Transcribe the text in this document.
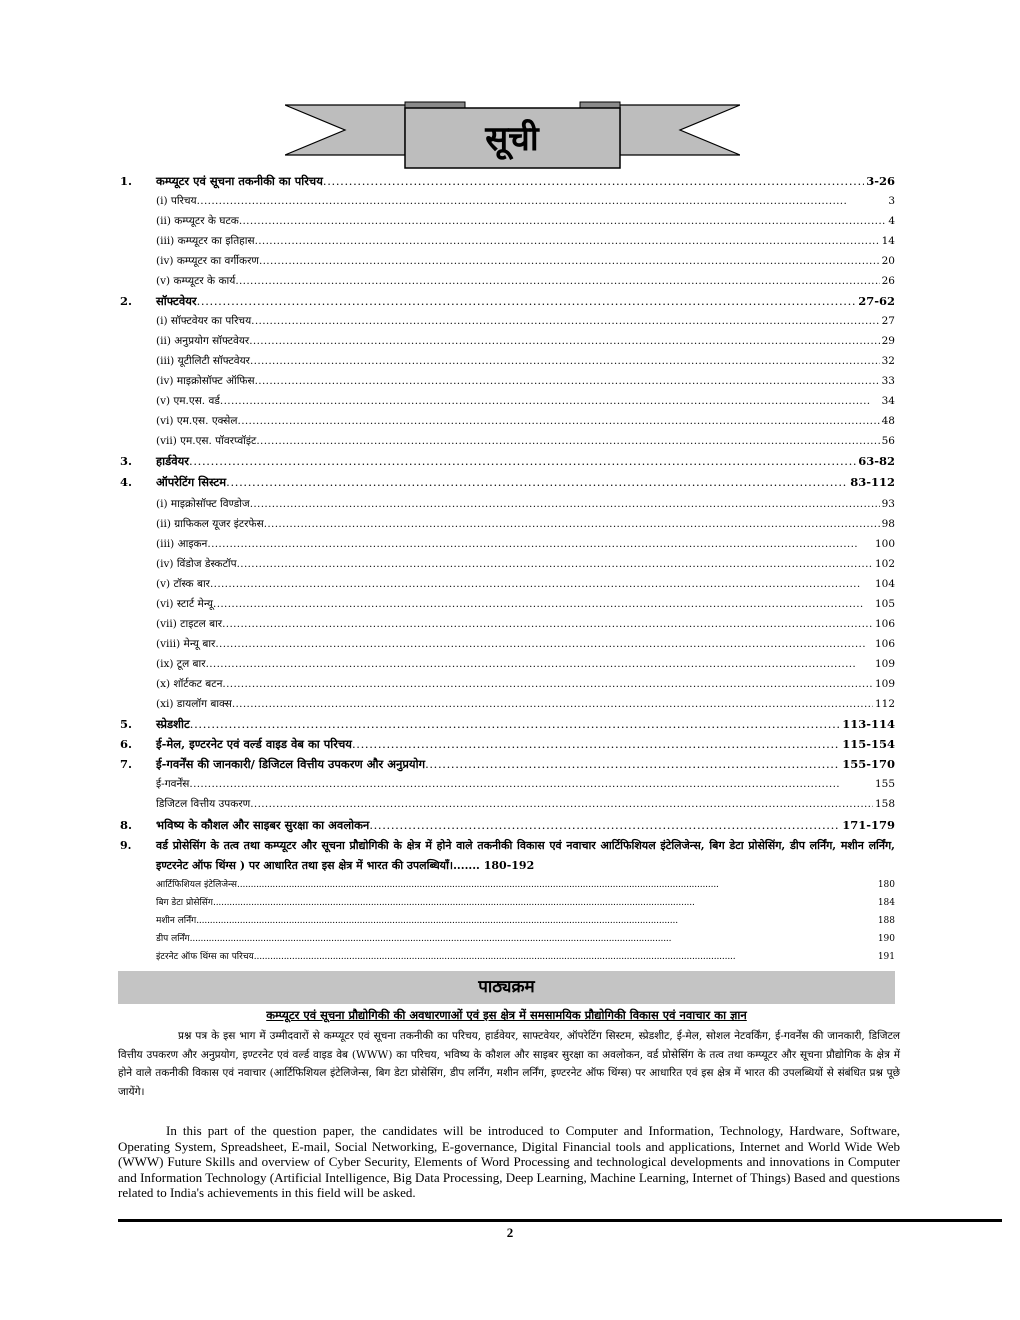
सूची
1.	कम्प्यूटर एवं सूचना तकनीकी का परिचय . . .	3-26
(i) परिचय . . .	3
(ii) कम्प्यूटर के घटक . . .	4
(iii) कम्प्यूटर का इतिहास . . .	14
(iv) कम्प्यूटर का वर्गीकरण . . .	20
(v) कम्प्यूटर के कार्य . . .	26
2.	सॉफ्टवेयर . . .	27-62
(i) सॉफ्टवेयर का परिचय . . .	27
(ii) अनुप्रयोग सॉफ्टवेयर . . .	29
(iii) यूटीलिटी सॉफ्टवेयर . . .	32
(iv) माइक्रोसॉफ्ट ऑफिस . . .	33
(v) एम.एस. वर्ड . . .	34
(vi) एम.एस. एक्सेल . . .	48
(vii) एम.एस. पॉवरप्वॉइंट . . .	56
3.	हार्डवेयर . . .	63-82
4.	ऑपरेटिंग सिस्टम . . .	83-112
(i) माइक्रोसॉफ्ट विण्डोज . . .	93
(ii) ग्राफिकल यूजर इंटरफेस . . .	98
(iii) आइकन . . .	100
(iv) विंडोज डेस्कटॉप . . .	102
(v) टॉस्क बार . . .	104
(vi) स्टार्ट मेन्यू . . .	105
(vii) टाइटल बार . . .	106
(viii) मेन्यू बार . . .	106
(ix) टूल बार . . .	109
(x) शॉर्टकट बटन . . .	109
(xi) डायलॉग बाक्स . . .	112
5.	स्प्रेडशीट . . .	113-114
6.	ई-मेल, इण्टरनेट एवं वर्ल्ड वाइड वेब का परिचय . . .	115-154
7.	ई-गवर्नेंस की जानकारी/ डिजिटल वित्तीय उपकरण और अनुप्रयोग . . .	155-170
ई-गवर्नेंस . . .	155
डिजिटल वित्तीय उपकरण . . .	158
8.	भविष्य के कौशल और साइबर सुरक्षा का अवलोकन . . .	171-179
9.	वर्ड प्रोसेसिंग के तत्व तथा कम्प्यूटर और सूचना प्रौद्योगिकी के क्षेत्र में होने वाले तकनीकी विकास एवं नवाचार आर्टिफिशियल इंटेलिजेन्स, बिग डेटा प्रोसेसिंग, डीप लर्निंग, मशीन लर्निंग, इण्टरनेट ऑफ थिंग्स ) पर आधारित तथा इस क्षेत्र में भारत की उपलब्धियाँ।....... 180-192
आर्टिफिशियल इंटेलिजेन्स . . .	180
बिग डेटा प्रोसेसिंग . . .	184
मशीन लर्निंग . . .	188
डीप लर्निंग . . .	190
इंटरनेट ऑफ थिंग्स का परिचय . . .	191
पाठ्यक्रम
कम्प्यूटर एवं सूचना प्रौद्योगिकी की अवधारणाओं एवं इस क्षेत्र में समसामयिक प्रौद्योगिकी विकास एवं नवाचार का ज्ञान
प्रश्न पत्र के इस भाग में उम्मीदवारों से कम्प्यूटर एवं सूचना तकनीकी का परिचय, हार्डवेयर, साफ्टवेयर, ऑपरेटिंग सिस्टम, स्प्रेडशीट, ई-मेल, सोशल नेटवर्किंग, ई-गवर्नेंस की जानकारी, डिजिटल वित्तीय उपकरण और अनुप्रयोग, इण्टरनेट एवं वर्ल्ड वाइड वेब (WWW) का परिचय, भविष्य के कौशल और साइबर सुरक्षा का अवलोकन, वर्ड प्रोसेसिंग के तत्व तथा कम्प्यूटर और सूचना प्रौद्योगिक के क्षेत्र में होने वाले तकनीकी विकास एवं नवाचार (आर्टिफिशियल इंटेलिजेन्स, बिग डेटा प्रोसेसिंग, डीप लर्निंग, मशीन लर्निंग, इण्टरनेट ऑफ थिंग्स) पर आधारित एवं इस क्षेत्र में भारत की उपलब्धियों से संबंधित प्रश्न पूछे जायेंगे।
In this part of the question paper, the candidates will be introduced to Computer and Information, Technology, Hardware, Software, Operating System, Spreadsheet, E-mail, Social Networking, E-governance, Digital Financial tools and applications, Internet and World Wide Web (WWW) Future Skills and overview of Cyber Security, Elements of Word Processing and technological developments and innovations in Computer and Information Technology (Artificial Intelligence, Big Data Processing, Deep Learning, Machine Learning, Internet of Things) Based and questions related to India's achievements in this field will be asked.
2
